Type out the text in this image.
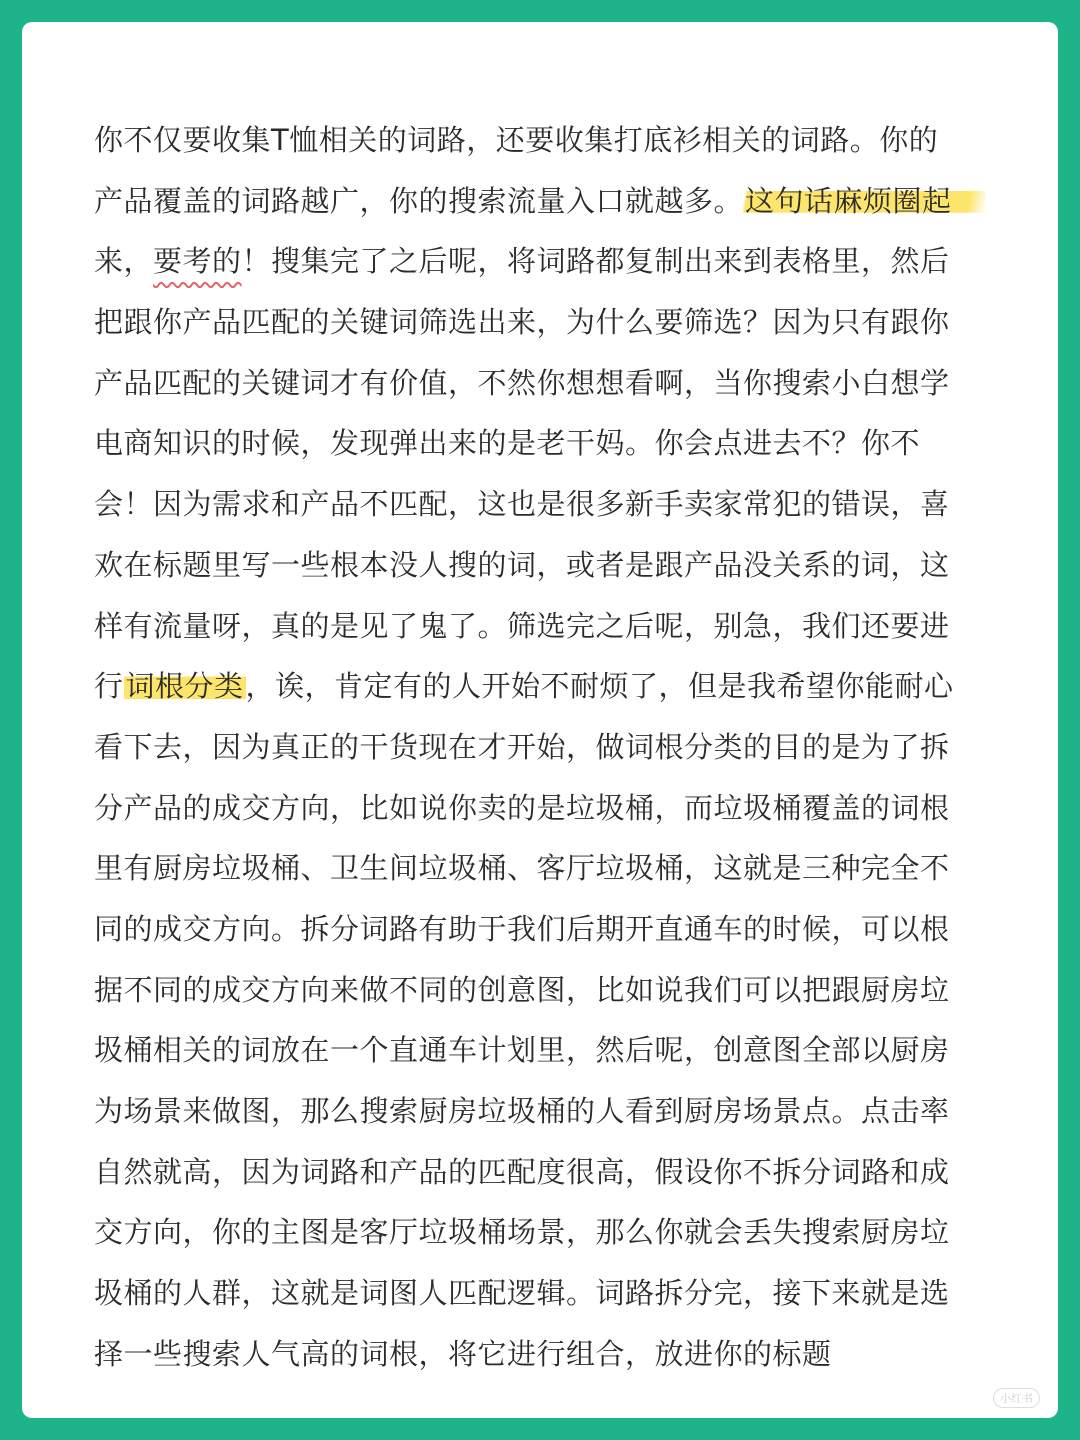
你不仅要收集T恤相关的词路，还要收集打底衫相关的词路。你的
产品覆盖的词路越广，你的搜索流量入口就越多。这句话麻烦圈起
来，要考的！搜集完了之后呢，将词路都复制出来到表格里，然后
把跟你产品匹配的关键词筛选出来，为什么要筛选？因为只有跟你
产品匹配的关键词才有价值，不然你想想看啊，当你搜索小白想学
电商知识的时候，发现弹出来的是老干妈。你会点进去不？你不
会！因为需求和产品不匹配，这也是很多新手卖家常犯的错误，喜
欢在标题里写一些根本没人搜的词，或者是跟产品没关系的词，这
样有流量呀，真的是见了鬼了。筛选完之后呢，别急，我们还要进
行词根分类，诶，肯定有的人开始不耐烦了，但是我希望你能耐心
看下去，因为真正的干货现在才开始，做词根分类的目的是为了拆
分产品的成交方向，比如说你卖的是垃圾桶，而垃圾桶覆盖的词根
里有厨房垃圾桶、卫生间垃圾桶、客厅垃圾桶，这就是三种完全不
同的成交方向。拆分词路有助于我们后期开直通车的时候，可以根
据不同的成交方向来做不同的创意图，比如说我们可以把跟厨房垃
圾桶相关的词放在一个直通车计划里，然后呢，创意图全部以厨房
为场景来做图，那么搜索厨房垃圾桶的人看到厨房场景点。点击率
自然就高，因为词路和产品的匹配度很高，假设你不拆分词路和成
交方向，你的主图是客厅垃圾桶场景，那么你就会丢失搜索厨房垃
圾桶的人群，这就是词图人匹配逻辑。词路拆分完，接下来就是选
择一些搜索人气高的词根，将它进行组合，放进你的标题
小红书
